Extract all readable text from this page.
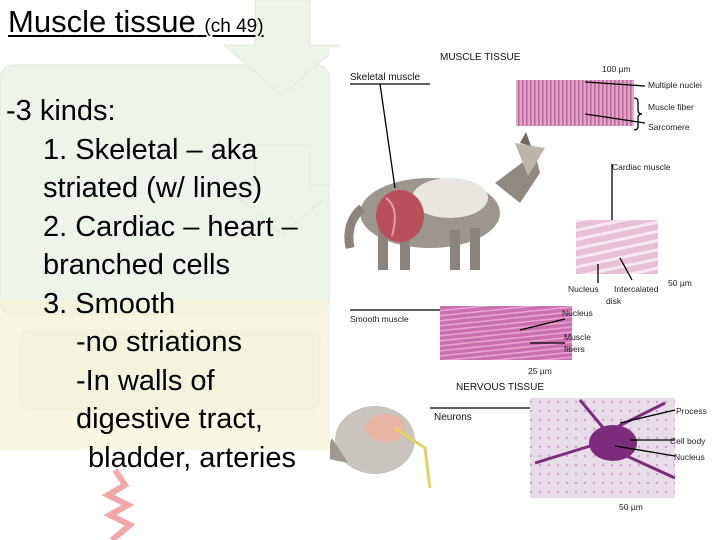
Muscle tissue (ch 49)
-3 kinds:
1. Skeletal – aka
striated (w/ lines)
2. Cardiac – heart –
branched cells
3. Smooth
-no striations
-In walls of
digestive tract,
bladder, arteries
MUSCLE TISSUE
100 µm
Skeletal muscle
Multiple nuclei
Muscle fiber
Sarcomere
Cardiac muscle
Nucleus Intercalated
disk
50 µm
Smooth muscle
Nucleus
Muscle
fibers
25 µm
NERVOUS TISSUE
Neurons
Process
Cell body
Nucleus
50 µm
